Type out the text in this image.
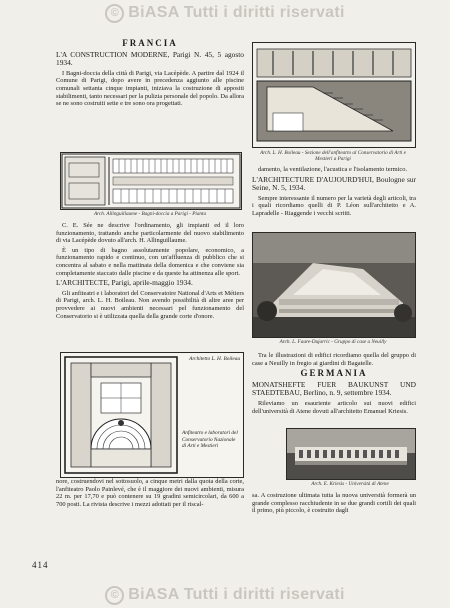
© BiASA Tutti i diritti riservati
FRANCIA

L'A CONSTRUCTION MODERNE, Parigi N. 45, 5 agosto 1934.

I Bagni-doccia della città di Parigi, via Lacépède. A partire dal 1924 il Comune di Parigi, dopo avere in precedenza aggiunto alle piscine comunali settanta cinque impianti, iniziava la costruzione di appositi stabilimenti, tanto necessari per la pulizia personale del popolo. Da allora se ne sono costruiti sette e tre sono ora progettati.

Arch. Allinguillaume - Bagni-doccia a Parigi - Pianta

C. E. Sée ne descrive l'ordinamento, gli impianti ed il loro funzionamento, trattando anche particolarmente del nuovo stabilimento di via Lacépède dovuto all'arch. H. Allinguillaume.

È un tipo di bagno assolutamente popolare, economico, a funzionamento rapido e continuo, con un'affluenza di pubblico che si concentra al sabato e nella mattinata della domenica e che conviene sia completamente staccato dalle piscine e da queste ha attinenza alle sport.

L'ARCHITECTE, Parigi, aprile-maggio 1934.

Gli anfiteatri e i laboratori del Conservatoire National d'Arts et Métiers di Parigi, arch. L. H. Boileau. Non avendo possibilità di altre aree per provvedere ai nuovi ambienti necessari pel funzionamento del Conservatorio si è utilizzata quella della grande corte d'onore.

Architetto L. H. Boileau
Anfiteatro e laboratori del Conservatorio Nazionale di Arti e Mestieri

nore, costruendovi nel sottosuolo, a cinque metri dalla quota della corte, l'anfiteatro Paolo Painlevé, che è il maggiore dei nuovi ambienti, misura 22 m. per 17,70 e può contenere su 19 gradini semicircolari, da 600 a 700 posti. La rivista descrive i mezzi adottati per il riscal-

414
Arch. L. H. Boileau - Sezione dell'anfiteatro al Conservatorio di Arti e Mestieri a Parigi

damento, la ventilazione, l'acustica e l'isolamento termico.

L'ARCHITECTURE D'AUJOURD'HUI, Boulogne sur Seine, N. 5, 1934.

Sempre interessante il numero per la varietà degli articoli, tra i quali ricordiamo quelli di P. Léon sull'architetto e A. Lapradelle - Riaggende i vecchi scritti.

Arch. L. Faure-Dujarric - Gruppo di case a Neuilly

Tra le illustrazioni di edifici ricordiamo quella del gruppo di case a Neuilly in fregio ai giardini di Bagatelle.

GERMANIA

MONATSHEFTE FUER BAUKUNST UND STAEDTEBAU, Berlino, n. 9, settembre 1934.

Rileviamo un esauriente articolo sui nuovi edifici dell'università di Atene dovuti all'architetto Emanuel Kriesis.

Arch. E. Kriesis - Università di Atene

sa. A costruzione ultimata tutta la nuova università formerà un grande complesso racchiudente in se due grandi cortili dei quali il primo, più piccolo, è costruito dagli

© BiASA Tutti i diritti riservati
